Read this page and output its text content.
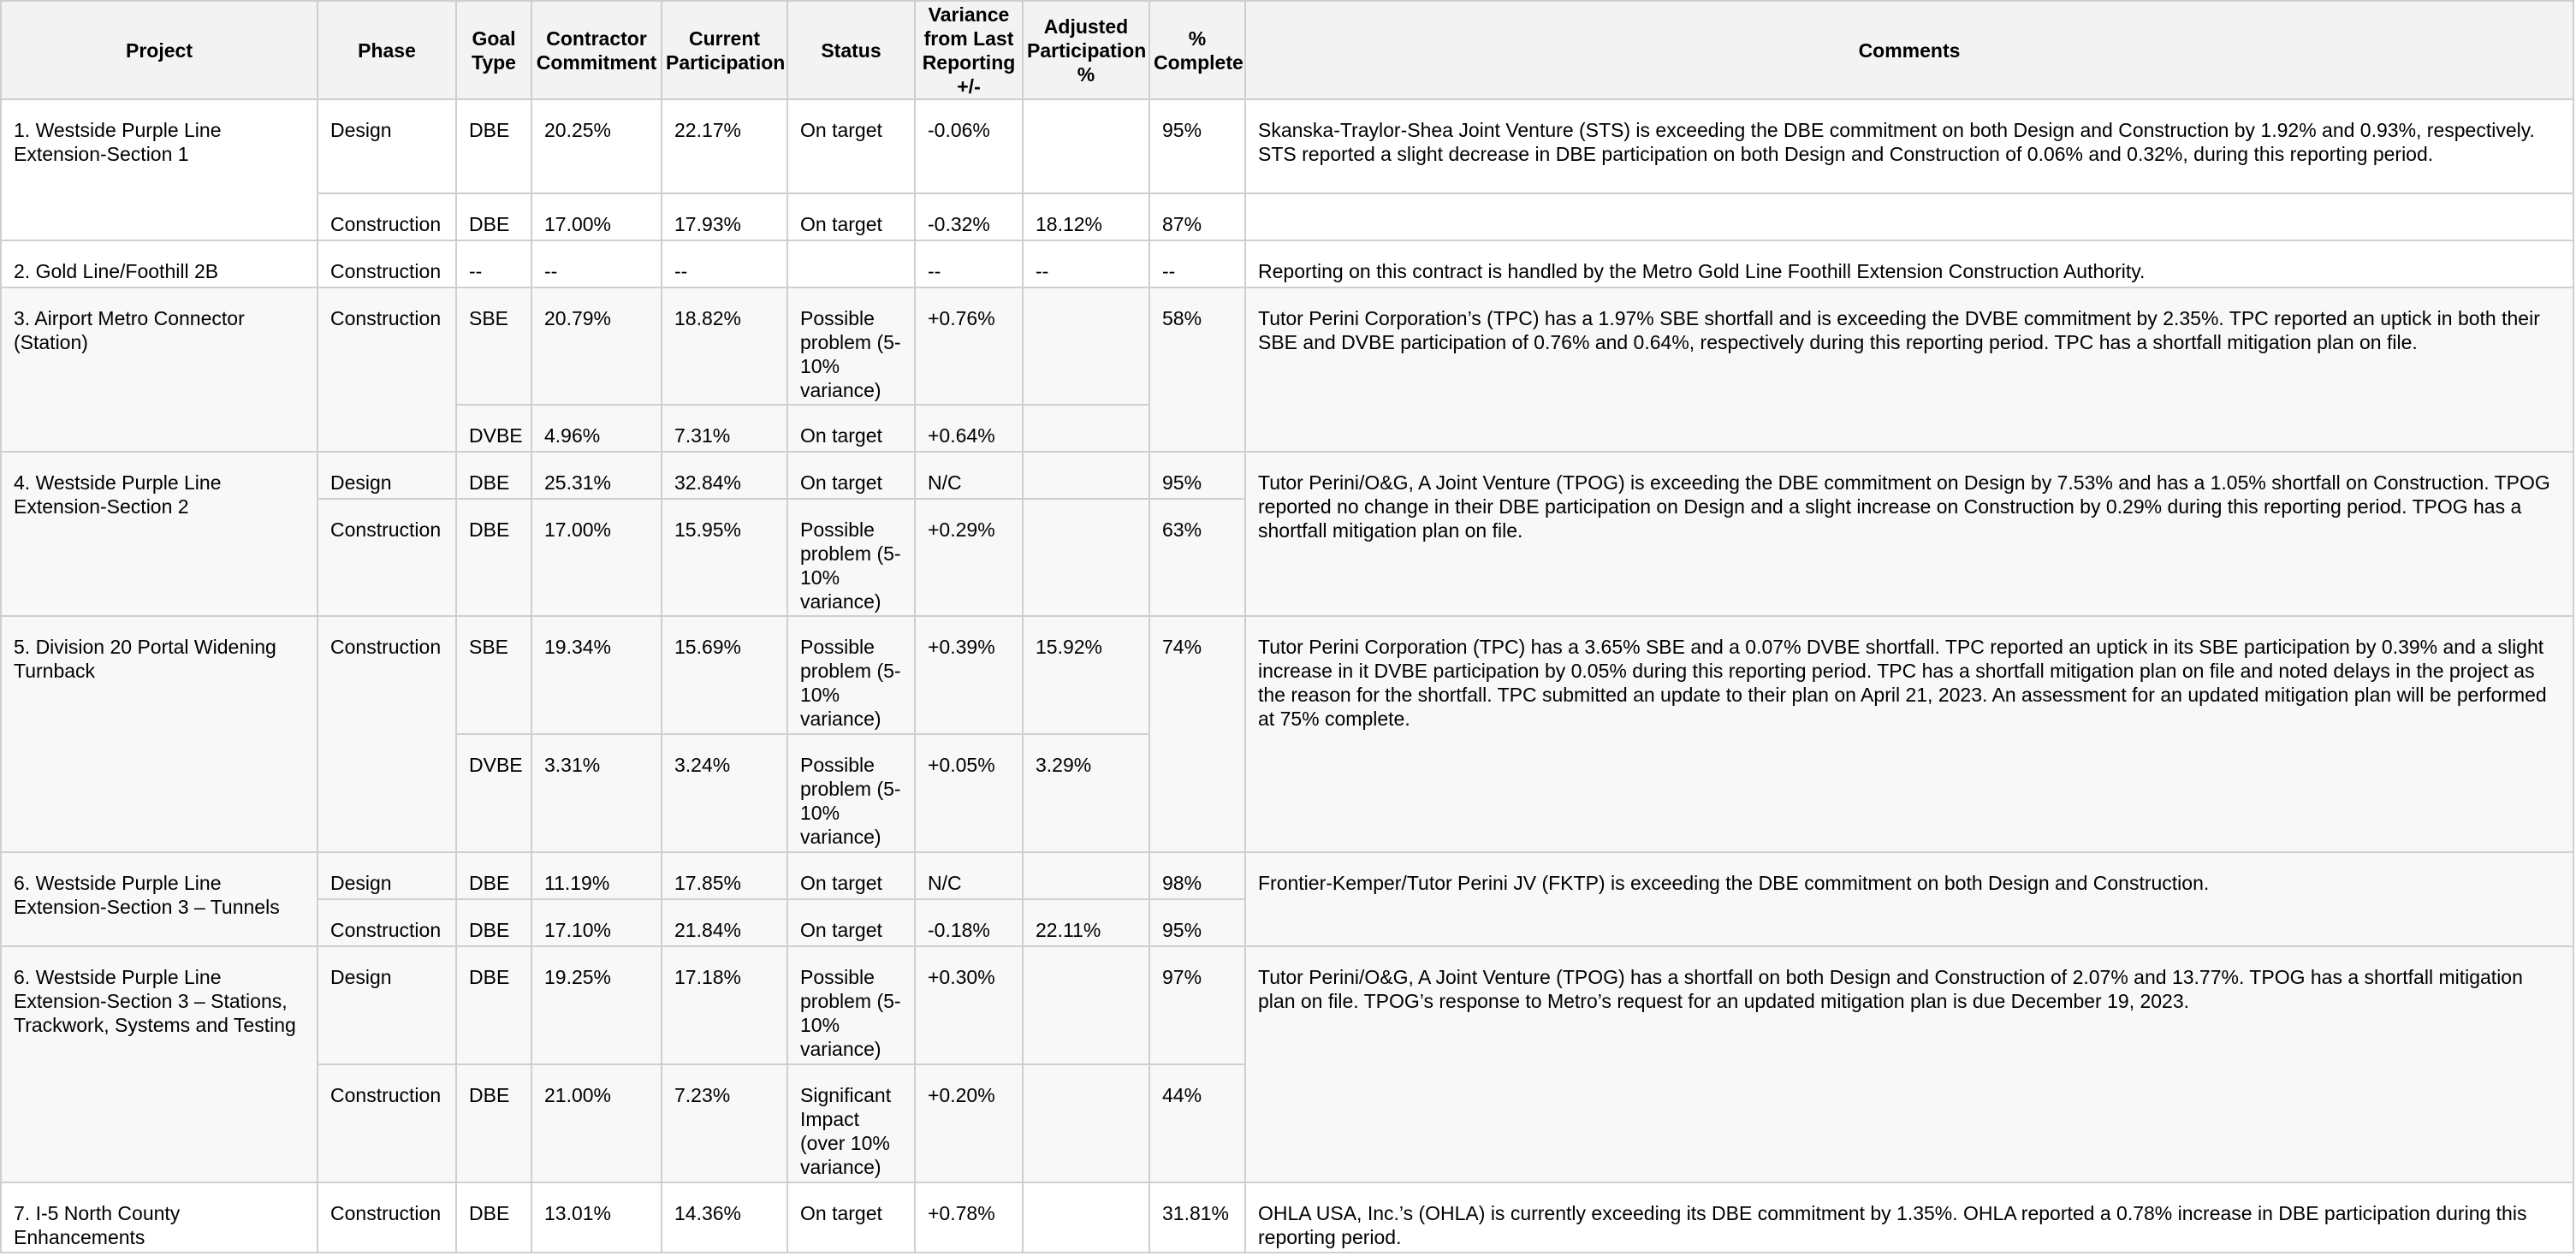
Project	Phase	Goal Type	Contractor Commitment	Current Participation	Status	Variance from Last Reporting +/-	Adjusted Participation %	% Complete	Comments
1. Westside Purple Line Extension-Section 1	Design	DBE	20.25%	22.17%	On target	-0.06%		95%	Skanska-Traylor-Shea Joint Venture (STS) is exceeding the DBE commitment on both Design and Construction by 1.92% and 0.93%, respectively. STS reported a slight decrease in DBE participation on both Design and Construction of 0.06% and 0.32%, during this reporting period.
	Construction	DBE	17.00%	17.93%	On target	-0.32%	18.12%	87%	
2. Gold Line/Foothill 2B	Construction	--	--	--		--	--	--	Reporting on this contract is handled by the Metro Gold Line Foothill Extension Construction Authority.
3. Airport Metro Connector (Station)	Construction	SBE	20.79%	18.82%	Possible problem (5-10% variance)	+0.76%		58%	Tutor Perini Corporation’s (TPC) has a 1.97% SBE shortfall and is exceeding the DVBE commitment by 2.35%. TPC reported an uptick in both their SBE and DVBE participation of 0.76% and 0.64%, respectively during this reporting period. TPC has a shortfall mitigation plan on file.
		DVBE	4.96%	7.31%	On target	+0.64%			
4. Westside Purple Line Extension-Section 2	Design	DBE	25.31%	32.84%	On target	N/C		95%	Tutor Perini/O&G, A Joint Venture (TPOG) is exceeding the DBE commitment on Design by 7.53% and has a 1.05% shortfall on Construction. TPOG reported no change in their DBE participation on Design and a slight increase on Construction by 0.29% during this reporting period. TPOG has a shortfall mitigation plan on file.
	Construction	DBE	17.00%	15.95%	Possible problem (5-10% variance)	+0.29%		63%	
5. Division 20 Portal Widening Turnback	Construction	SBE	19.34%	15.69%	Possible problem (5-10% variance)	+0.39%	15.92%	74%	Tutor Perini Corporation (TPC) has a 3.65% SBE and a 0.07% DVBE shortfall. TPC reported an uptick in its SBE participation by 0.39% and a slight increase in it DVBE participation by 0.05% during this reporting period. TPC has a shortfall mitigation plan on file and noted delays in the project as the reason for the shortfall. TPC submitted an update to their plan on April 21, 2023. An assessment for an updated mitigation plan will be performed at 75% complete.
		DVBE	3.31%	3.24%	Possible problem (5-10% variance)	+0.05%	3.29%		
6. Westside Purple Line Extension-Section 3 – Tunnels	Design	DBE	11.19%	17.85%	On target	N/C		98%	Frontier-Kemper/Tutor Perini JV (FKTP) is exceeding the DBE commitment on both Design and Construction.
	Construction	DBE	17.10%	21.84%	On target	-0.18%	22.11%	95%	
6. Westside Purple Line Extension-Section 3 – Stations, Trackwork, Systems and Testing	Design	DBE	19.25%	17.18%	Possible problem (5-10% variance)	+0.30%		97%	Tutor Perini/O&G, A Joint Venture (TPOG) has a shortfall on both Design and Construction of 2.07% and 13.77%. TPOG has a shortfall mitigation plan on file. TPOG’s response to Metro’s request for an updated mitigation plan is due December 19, 2023.
	Construction	DBE	21.00%	7.23%	Significant Impact (over 10% variance)	+0.20%		44%	
7. I-5 North County Enhancements	Construction	DBE	13.01%	14.36%	On target	+0.78%		31.81%	OHLA USA, Inc.’s (OHLA) is currently exceeding its DBE commitment by 1.35%. OHLA reported a 0.78% increase in DBE participation during this reporting period.
